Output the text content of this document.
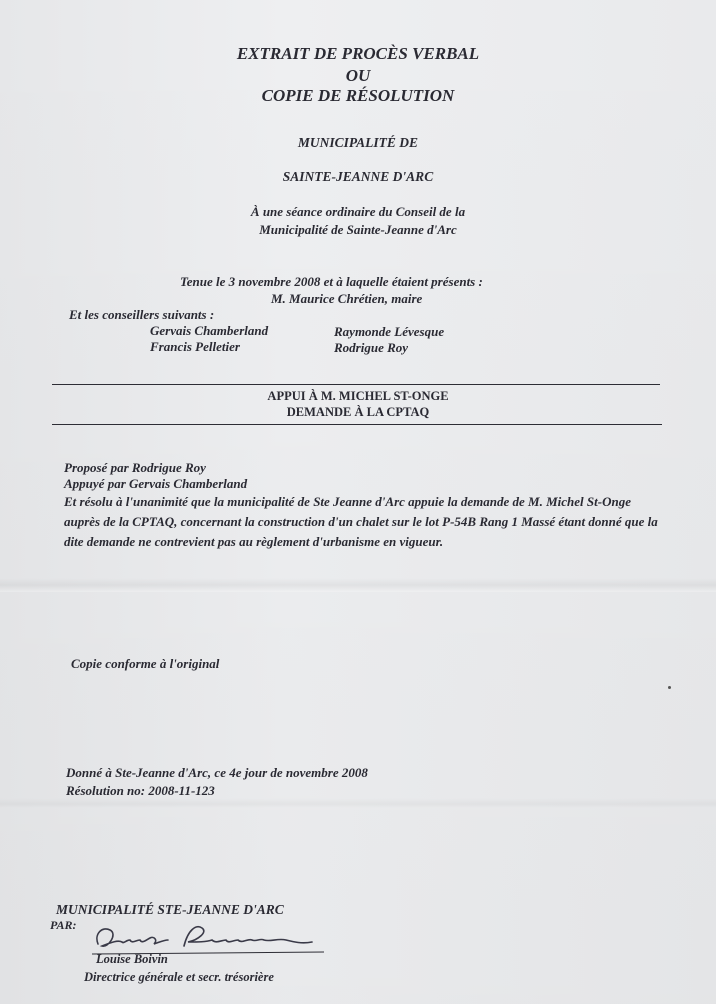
EXTRAIT DE PROCÈS VERBAL

OU

COPIE DE RÉSOLUTION

MUNICIPALITÉ DE

SAINTE-JEANNE D'ARC

À une séance ordinaire du Conseil de la

Municipalité de Sainte-Jeanne d'Arc

Tenue le 3 novembre 2008 et à laquelle étaient présents :

M. Maurice Chrétien, maire

Et les conseillers suivants :

Gervais Chamberland	Raymonde Lévesque

Francis Pelletier	Rodrigue Roy

APPUI À M. MICHEL ST-ONGE

DEMANDE À LA CPTAQ

Proposé par Rodrigue Roy

Appuyé par Gervais Chamberland

Et résolu à l'unanimité que la municipalité de Ste Jeanne d'Arc appuie la demande de M. Michel St-Onge auprès de la CPTAQ, concernant la construction d'un chalet sur le lot P-54B Rang 1 Massé étant donné que la dite demande ne contrevient pas au règlement d'urbanisme en vigueur.

Copie conforme à l'original

Donné à Ste-Jeanne d'Arc, ce 4e jour de novembre 2008

Résolution no: 2008-11-123

MUNICIPALITÉ STE-JEANNE D'ARC

PAR:

Louise Boivin

Directrice générale et secr. trésorière
